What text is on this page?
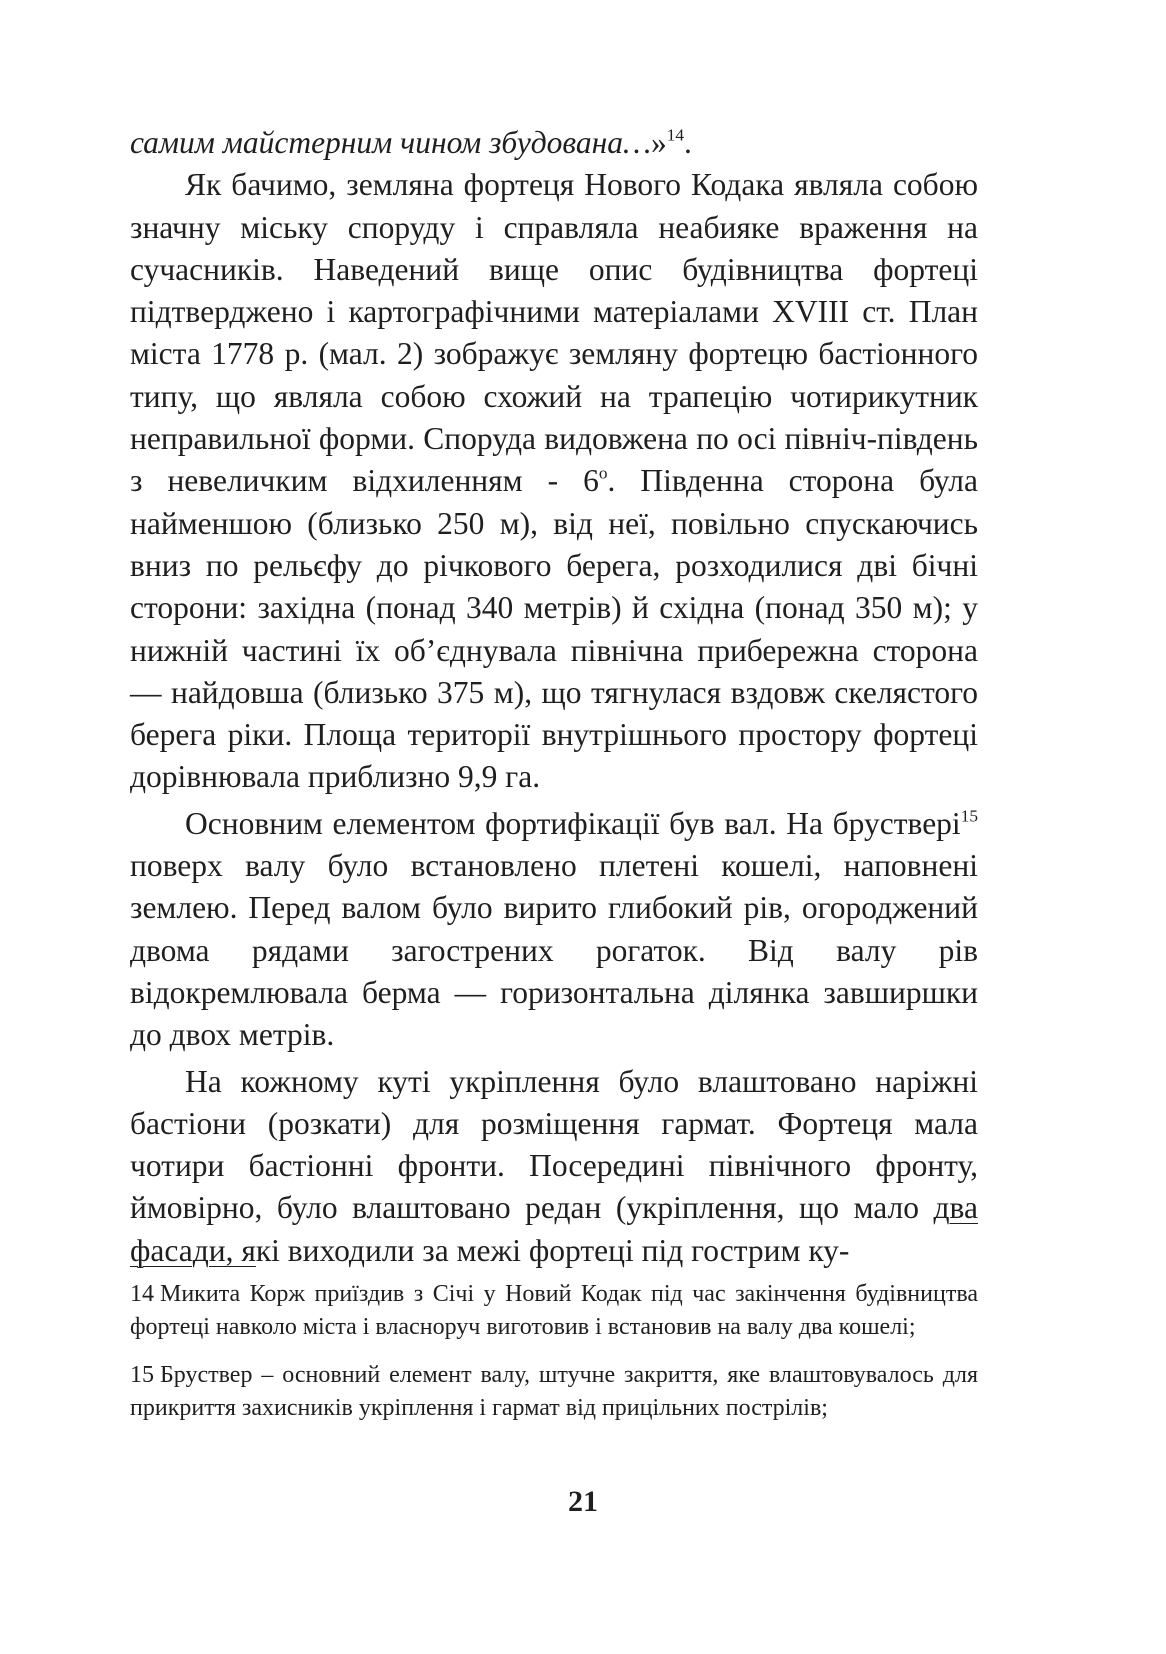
самим майстерним чином збудована…»$^{14}$.

Як бачимо, земляна фортеця Нового Кодака являла собою значну міську споруду і справляла неабияке враження на сучасників. Наведений вище опис будівництва фортеці підтверджено і картографічними матеріалами XVIII ст. План міста 1778 р. (мал. 2) зображує земляну фортецю бастіонного типу, що являла собою схожий на трапецію чотирикутник неправильної форми. Споруда видовжена по осі північ-південь з невеличким відхиленням - $6^о$. Південна сторона була найменшою (близько 250 м), від неї, повільно спускаючись вниз по рельєфу до річкового берега, розходилися дві бічні сторони: західна (понад 340 метрів) й східна (понад 350 м); у нижній частині їх об’єднувала північна прибережна сторона — найдовша (близько 375 м), що тягнулася вздовж скелястого берега ріки. Площа території внутрішнього простору фортеці дорівнювала приблизно 9,9 га.

Основним елементом фортифікації був вал. На бруствері$^{15}$ поверх валу було встановлено плетені кошелі, наповнені землею. Перед валом було вирито глибокий рів, огороджений двома рядами загострених рогаток. Від валу рів відокремлювала берма — горизонтальна ділянка завширшки до двох метрів.

На кожному куті укріплення було влаштовано наріжні бастіони (розкати) для розміщення гармат. Фортеця мала чотири бастіонні фронти. Посередині північного фронту, ймовірно, було влаштовано редан (укріплення, що мало два фасади, які виходили за межі фортеці під гострим ку-

14 Микита Корж приїздив з Січі у Новий Кодак під час закінчення будівництва фортеці навколо міста і власноруч виготовив і встановив на валу два кошелі;

15 Бруствер – основний елемент валу, штучне закриття, яке влаштовувалось для прикриття захисників укріплення і гармат від прицільних пострілів;

21
